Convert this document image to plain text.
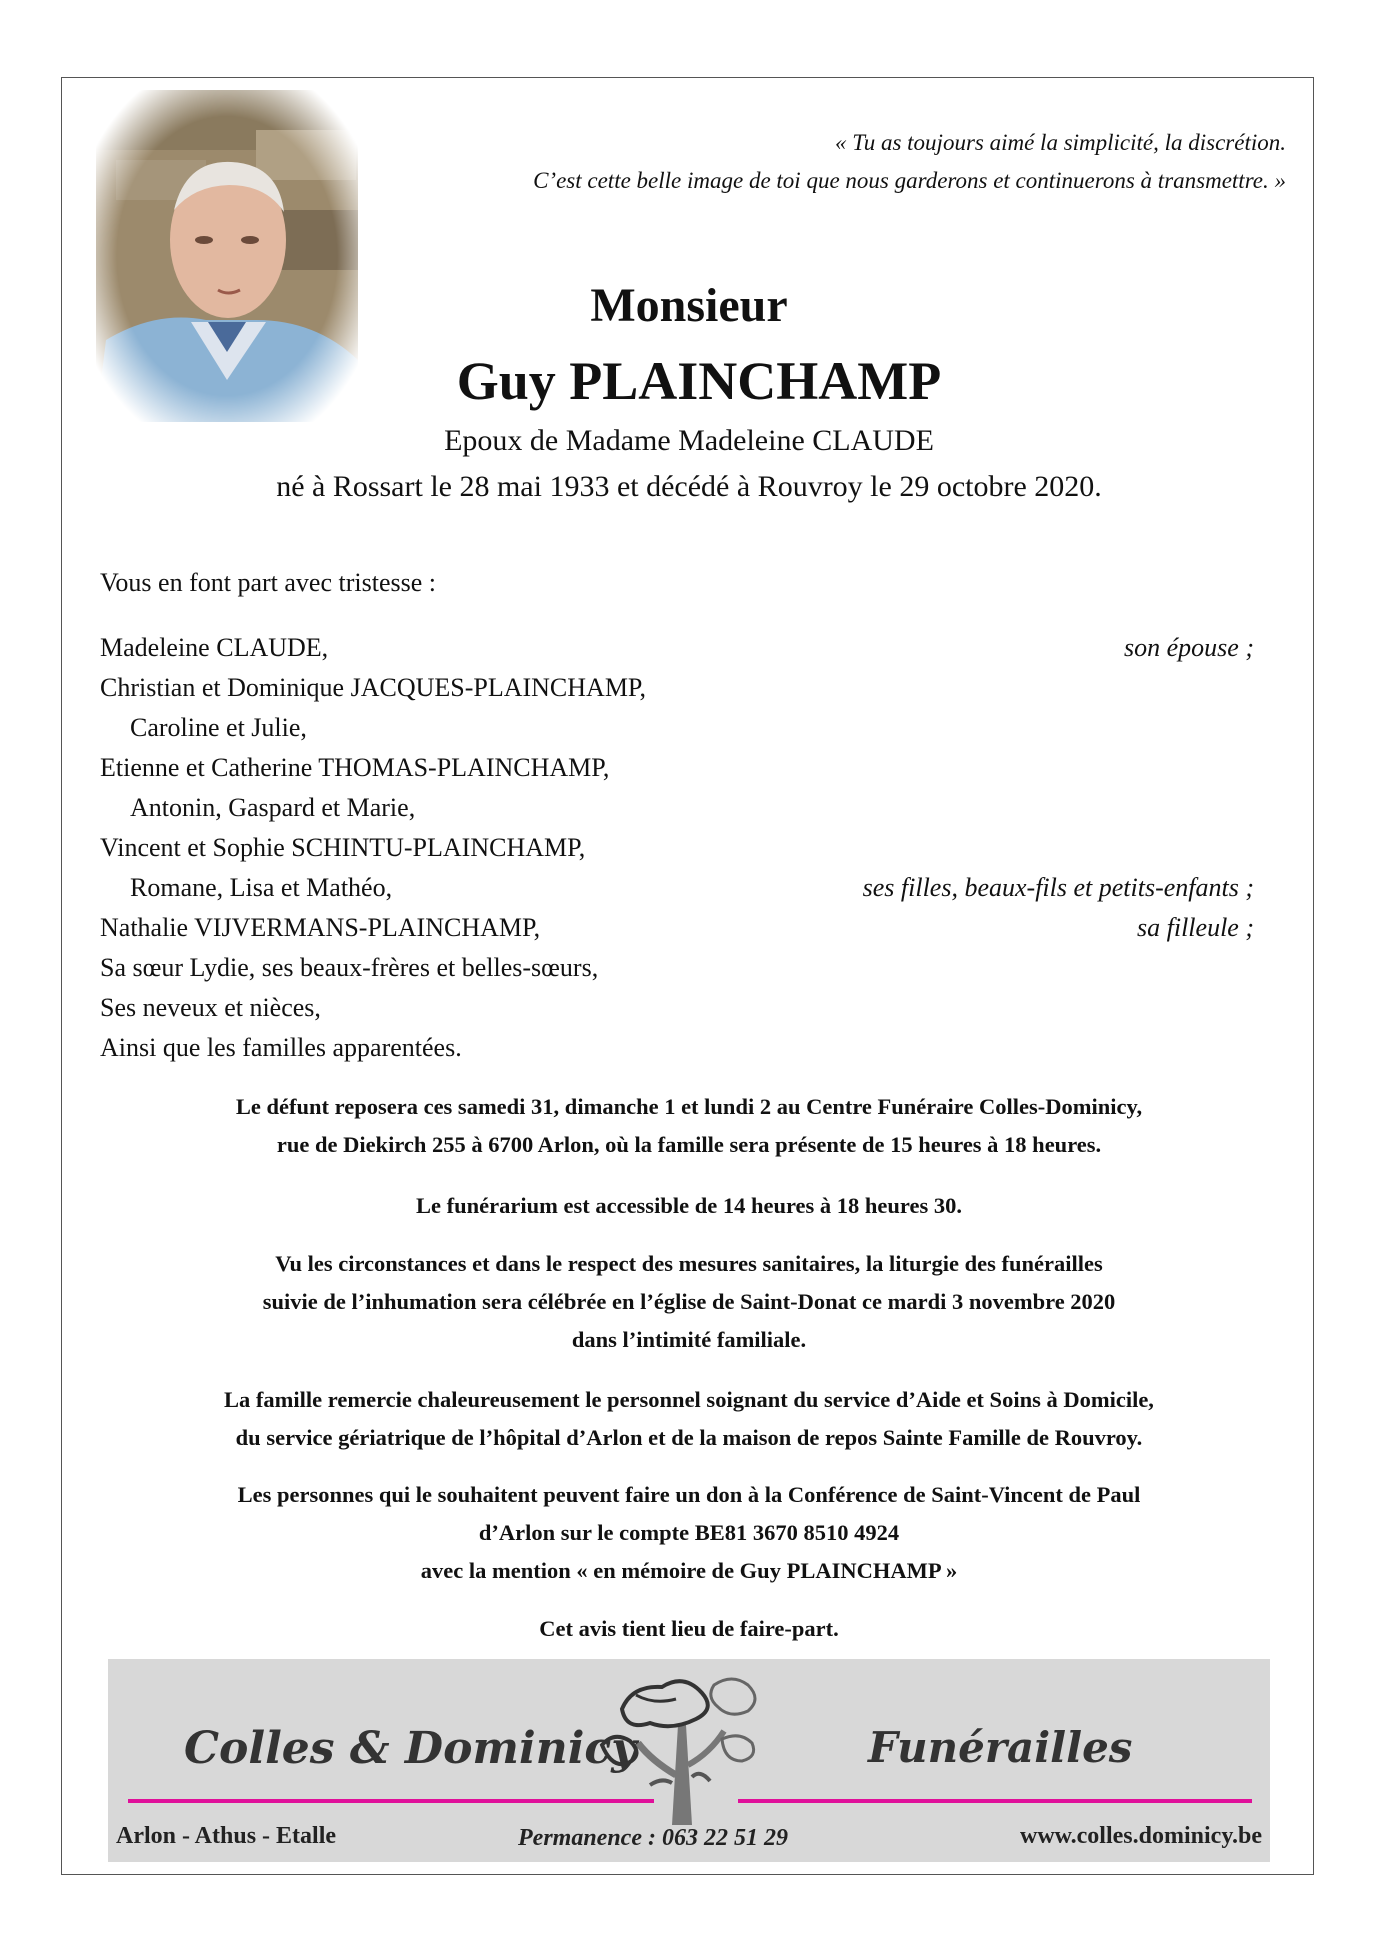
« Tu as toujours aimé la simplicité, la discrétion.
C’est cette belle image de toi que nous garderons et continuerons à transmettre. »
Monsieur
Guy PLAINCHAMP
Epoux de Madame Madeleine CLAUDE
né à Rossart le 28 mai 1933 et décédé à Rouvroy le 29 octobre 2020.
Vous en font part avec tristesse :
Madeleine CLAUDE,	son épouse ;
Christian et Dominique JACQUES-PLAINCHAMP,
Caroline et Julie,
Etienne et Catherine THOMAS-PLAINCHAMP,
Antonin, Gaspard et Marie,
Vincent et Sophie SCHINTU-PLAINCHAMP,
Romane, Lisa et Mathéo,	ses filles, beaux-fils et petits-enfants ;
Nathalie VIJVERMANS-PLAINCHAMP,	sa filleule ;
Sa sœur Lydie, ses beaux-frères et belles-sœurs,
Ses neveux et nièces,
Ainsi que les familles apparentées.
Le défunt reposera ces samedi 31, dimanche 1 et lundi 2 au Centre Funéraire Colles-Dominicy,
rue de Diekirch 255 à 6700 Arlon, où la famille sera présente de 15 heures à 18 heures.
Le funérarium est accessible de 14 heures à 18 heures 30.
Vu les circonstances et dans le respect des mesures sanitaires, la liturgie des funérailles
suivie de l’inhumation sera célébrée en l’église de Saint-Donat ce mardi 3 novembre 2020
dans l’intimité familiale.
La famille remercie chaleureusement le personnel soignant du service d’Aide et Soins à Domicile,
du service gériatrique de l’hôpital d’Arlon et de la maison de repos Sainte Famille de Rouvroy.
Les personnes qui le souhaitent peuvent faire un don à la Conférence de Saint-Vincent de Paul
d’Arlon sur le compte BE81 3670 8510 4924
avec la mention « en mémoire de Guy PLAINCHAMP »
Cet avis tient lieu de faire-part.
Colles & Dominicy	Funérailles
Arlon - Athus - Etalle	Permanence : 063 22 51 29	www.colles.dominicy.be
